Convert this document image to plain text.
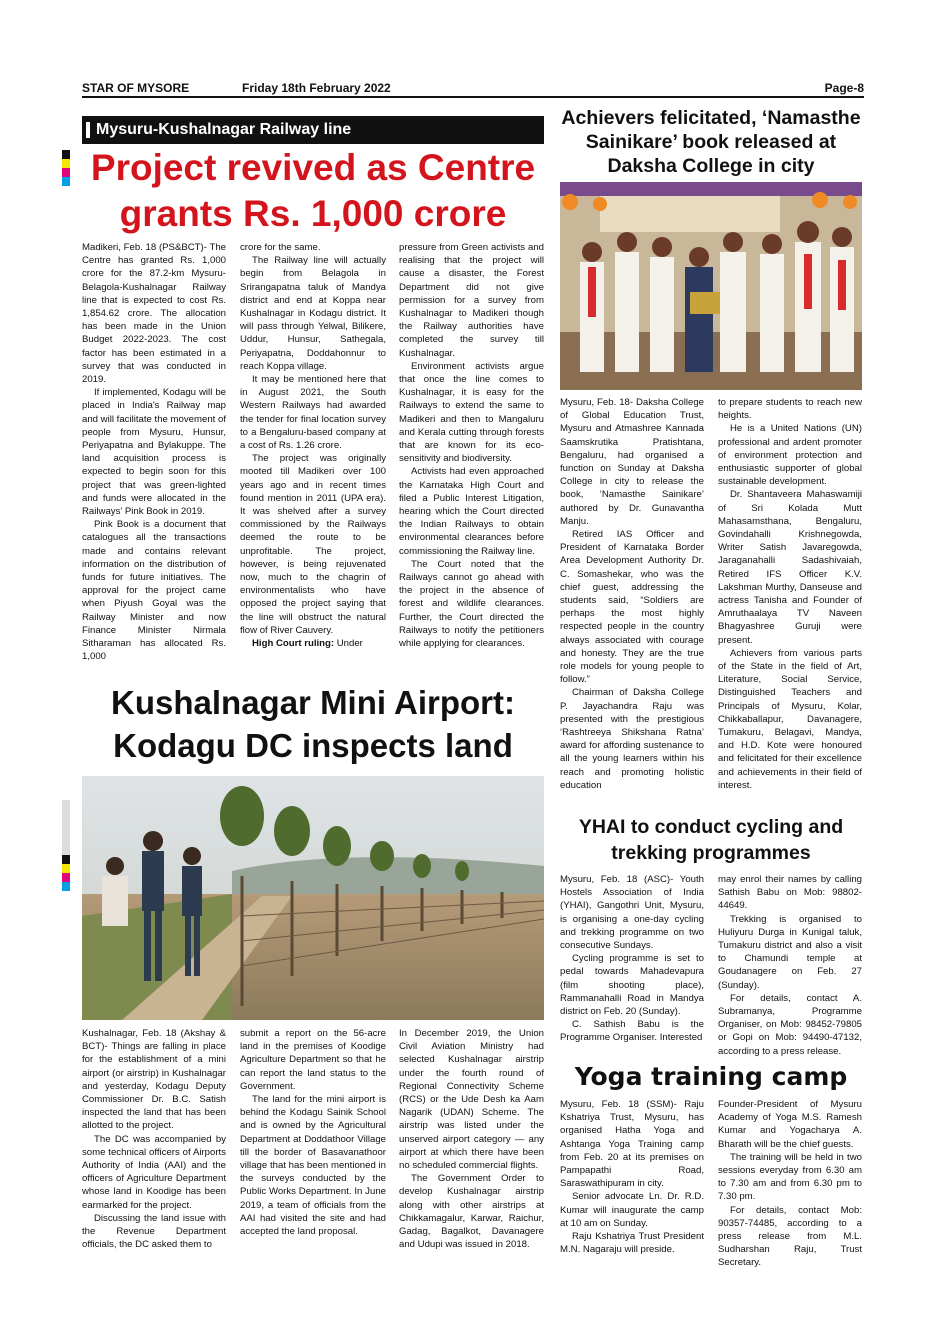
STAR OF MYSORE	Friday 18th February 2022	Page-8
Mysuru-Kushalnagar Railway line
Project revived as Centre
grants Rs. 1,000 crore

Madikeri, Feb. 18 (PS&BCT)- The Centre has granted Rs. 1,000 crore for the 87.2-km Mysuru-Belagola-Kushalnagar Railway line that is expected to cost Rs. 1,854.62 crore. The allocation has been made in the Union Budget 2022-2023. The cost factor has been estimated in a survey that was conducted in 2019.

If implemented, Kodagu will be placed in India's Railway map and will facilitate the movement of people from Mysuru, Hunsur, Periyapatna and Bylakuppe. The land acquisition process is expected to begin soon for this project that was green-lighted and funds were allocated in the Railways' Pink Book in 2019.

Pink Book is a document that catalogues all the transactions made and contains relevant information on the distribution of funds for future initiatives. The approval for the project came when Piyush Goyal was the Railway Minister and now Finance Minister Nirmala Sitharaman has allocated Rs. 1,000

crore for the same.

The Railway line will actually begin from Belagola in Srirangapatna taluk of Mandya district and end at Koppa near Kushalnagar in Kodagu district. It will pass through Yelwal, Bilikere, Uddur, Hunsur, Sathegala, Periyapatna, Doddahonnur to reach Koppa village.

It may be mentioned here that in August 2021, the South Western Railways had awarded the tender for final location survey to a Bengaluru-based company at a cost of Rs. 1.26 crore.

The project was originally mooted till Madikeri over 100 years ago and in recent times found mention in 2011 (UPA era). It was shelved after a survey commissioned by the Railways deemed the route to be unprofitable. The project, however, is being rejuvenated now, much to the chagrin of environmentalists who have opposed the project saying that the line will obstruct the natural flow of River Cauvery.

High Court ruling: Under

pressure from Green activists and realising that the project will cause a disaster, the Forest Department did not give permission for a survey from Kushalnagar to Madikeri though the Railway authorities have completed the survey till Kushalnagar.

Environment activists argue that once the line comes to Kushalnagar, it is easy for the Railways to extend the same to Madikeri and then to Mangaluru and Kerala cutting through forests that are known for its eco-sensitivity and biodiversity.

Activists had even approached the Karnataka High Court and filed a Public Interest Litigation, hearing which the Court directed the Indian Railways to obtain environmental clearances before commissioning the Railway line.

The Court noted that the Railways cannot go ahead with the project in the absence of forest and wildlife clearances. Further, the Court directed the Railways to notify the petitioners while applying for clearances.

Kushalnagar Mini Airport:
Kodagu DC inspects land

Kushalnagar, Feb. 18 (Akshay & BCT)- Things are falling in place for the establishment of a mini airport (or airstrip) in Kushalnagar and yesterday, Kodagu Deputy Commissioner Dr. B.C. Satish inspected the land that has been allotted to the project.

The DC was accompanied by some technical officers of Airports Authority of India (AAI) and the officers of Agriculture Department whose land in Koodige has been earmarked for the project.

Discussing the land issue with the Revenue Department officials, the DC asked them to

submit a report on the 56-acre land in the premises of Koodige Agriculture Department so that he can report the land status to the Government.

The land for the mini airport is behind the Kodagu Sainik School and is owned by the Agricultural Department at Doddathoor Village till the border of Basavanathoor village that has been mentioned in the surveys conducted by the Public Works Department. In June 2019, a team of officials from the AAI had visited the site and had accepted the land proposal.

In December 2019, the Union Civil Aviation Ministry had selected Kushalnagar airstrip under the fourth round of Regional Connectivity Scheme (RCS) or the Ude Desh ka Aam Nagarik (UDAN) Scheme. The airstrip was listed under the unserved airport category — any airport at which there have been no scheduled commercial flights.

The Government Order to develop Kushalnagar airstrip along with other airstrips at Chikkamagalur, Karwar, Raichur, Gadag, Bagalkot, Davanagere and Udupi was issued in 2018.

Achievers felicitated, ‘Namasthe
Sainikare’ book released at
Daksha College in city

Mysuru, Feb. 18- Daksha College of Global Education Trust, Mysuru and Atmashree Kannada Saamskrutika Pratishtana, Bengaluru, had organised a function on Sunday at Daksha College in city to release the book, ‘Namasthe Sainikare’ authored by Dr. Gunavantha Manju.

Retired IAS Officer and President of Karnataka Border Area Development Authority Dr. C. Somashekar, who was the chief guest, addressing the students said, “Soldiers are perhaps the most highly respected people in the country always associated with courage and honesty. They are the true role models for young people to follow.”

Chairman of Daksha College P. Jayachandra Raju was presented with the prestigious ‘Rashtreeya Shikshana Ratna’ award for affording sustenance to all the young learners within his reach and promoting holistic education

to prepare students to reach new heights.

He is a United Nations (UN) professional and ardent promoter of environment protection and enthusiastic supporter of global sustainable development.

Dr. Shantaveera Mahaswamiji of Sri Kolada Mutt Mahasamsthana, Bengaluru, Govindahalli Krishnegowda, Writer Satish Javaregowda, Jaraganahalli Sadashivaiah, Retired IFS Officer K.V. Lakshman Murthy, Danseuse and actress Tanisha and Founder of Amruthaalaya TV Naveen Bhagyashree Guruji were present.

Achievers from various parts of the State in the field of Art, Literature, Social Service, Distinguished Teachers and Principals of Mysuru, Kolar, Chikkaballapur, Davanagere, Tumakuru, Belagavi, Mandya, and H.D. Kote were honoured and felicitated for their excellence and achievements in their field of interest.

YHAI to conduct cycling and
trekking programmes

Mysuru, Feb. 18 (ASC)- Youth Hostels Association of India (YHAI), Gangothri Unit, Mysuru, is organising a one-day cycling and trekking programme on two consecutive Sundays.

Cycling programme is set to pedal towards Mahadevapura (film shooting place), Rammanahalli Road in Mandya district on Feb. 20 (Sunday).

C. Sathish Babu is the Programme Organiser. Interested

may enrol their names by calling Sathish Babu on Mob: 98802-44649.

Trekking is organised to Huliyuru Durga in Kunigal taluk, Tumakuru district and also a visit to Chamundi temple at Goudanagere on Feb. 27 (Sunday).

For details, contact A. Subramanya, Programme Organiser, on Mob: 98452-79805 or Gopi on Mob: 94490-47132, according to a press release.

Yoga training camp

Mysuru, Feb. 18 (SSM)- Raju Kshatriya Trust, Mysuru, has organised Hatha Yoga and Ashtanga Yoga Training camp from Feb. 20 at its premises on Pampapathi Road, Saraswathipuram in city.

Senior advocate Ln. Dr. R.D. Kumar will inaugurate the camp at 10 am on Sunday.

Raju Kshatriya Trust President M.N. Nagaraju will preside.

Founder-President of Mysuru Academy of Yoga M.S. Ramesh Kumar and Yogacharya A. Bharath will be the chief guests.

The training will be held in two sessions everyday from 6.30 am to 7.30 am and from 6.30 pm to 7.30 pm.

For details, contact Mob: 90357-74485, according to a press release from M.L. Sudharshan Raju, Trust Secretary.
